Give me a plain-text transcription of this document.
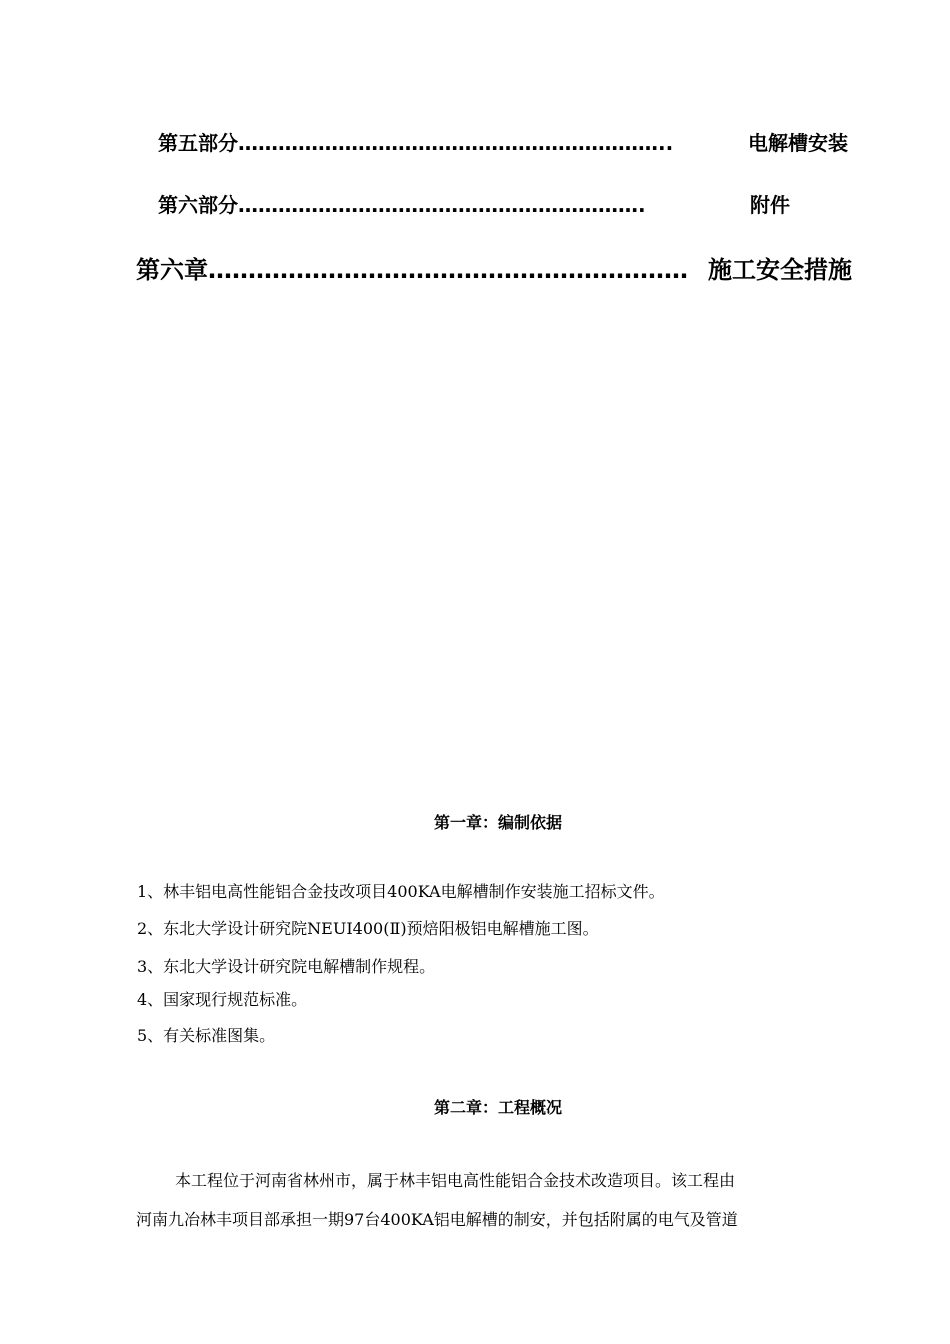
第五部分………………………………………………………..	电解槽安装
第六部分…………………………………………………….	附件
第六章…………………………………………………… 施工安全措施
第一章：编制依据
1、林丰铝电高性能铝合金技改项目400KA电解槽制作安装施工招标文件。
2、东北大学设计研究院NEUI400(Ⅱ)预焙阳极铝电解槽施工图。
3、东北大学设计研究院电解槽制作规程。
4、国家现行规范标准。
5、有关标准图集。
第二章：工程概况
本工程位于河南省林州市，属于林丰铝电高性能铝合金技术改造项目。该工程由
河南九冶林丰项目部承担一期97台400KA铝电解槽的制安，并包括附属的电气及管道
